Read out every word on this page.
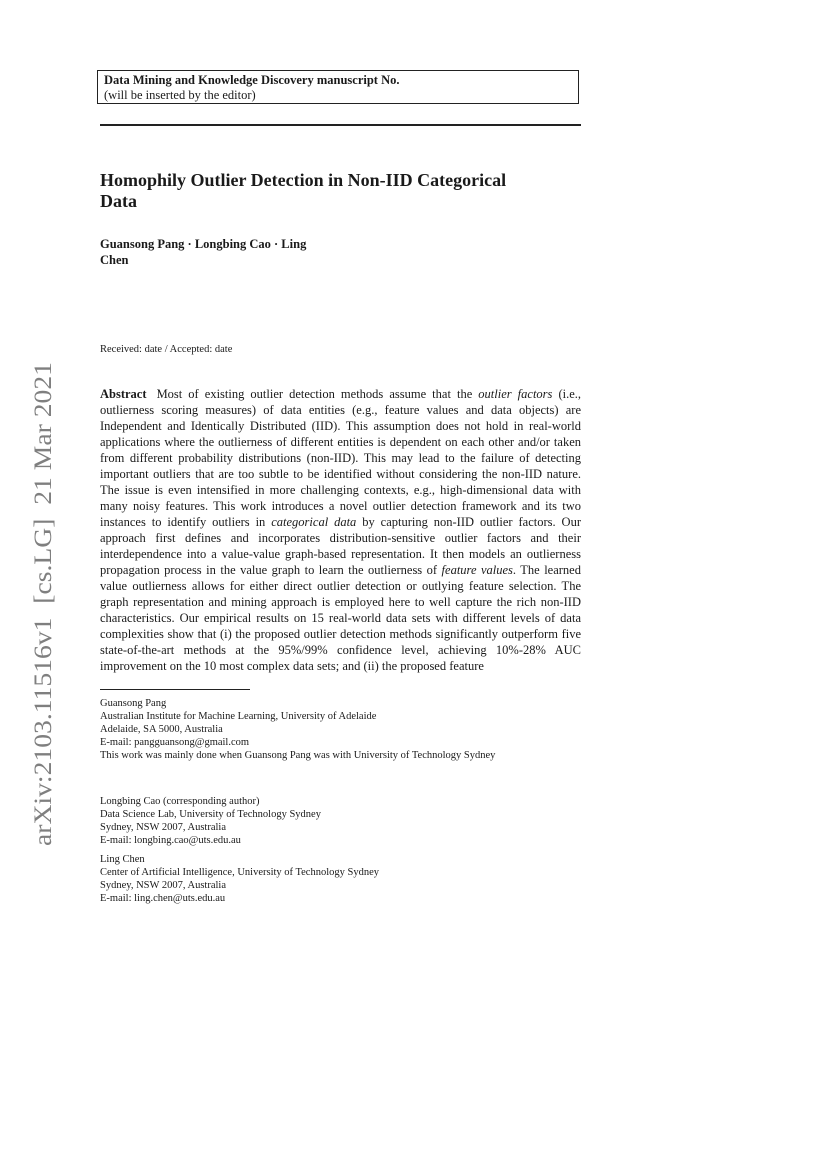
Data Mining and Knowledge Discovery manuscript No.
(will be inserted by the editor)
Homophily Outlier Detection in Non-IID Categorical
Data
Guansong Pang · Longbing Cao · Ling
Chen
Received: date / Accepted: date

Abstract Most of existing outlier detection methods assume that the outlier factors (i.e., outlierness scoring measures) of data entities (e.g., feature values and data objects) are Independent and Identically Distributed (IID). This assumption does not hold in real-world applications where the outlierness of different entities is dependent on each other and/or taken from different probability distributions (non-IID). This may lead to the failure of detecting important outliers that are too subtle to be identified without considering the non-IID nature. The issue is even intensified in more challenging contexts, e.g., high-dimensional data with many noisy features. This work introduces a novel outlier detection framework and its two instances to identify outliers in categorical data by capturing non-IID outlier factors. Our approach first defines and incorporates distribution-sensitive outlier factors and their interdependence into a value-value graph-based representation. It then models an outlierness propagation process in the value graph to learn the outlierness of feature values. The learned value outlierness allows for either direct outlier detection or outlying feature selection. The graph representation and mining approach is employed here to well capture the rich non-IID characteristics. Our empirical results on 15 real-world data sets with different levels of data complexities show that (i) the proposed outlier detection methods significantly outperform five state-of-the-art methods at the 95%/99% confidence level, achieving 10%-28% AUC improvement on the 10 most complex data sets; and (ii) the proposed feature

Guansong Pang
Australian Institute for Machine Learning, University of Adelaide
Adelaide, SA 5000, Australia
E-mail: pangguansong@gmail.com
This work was mainly done when Guansong Pang was with University of Technology Sydney
Longbing Cao (corresponding author)
Data Science Lab, University of Technology Sydney
Sydney, NSW 2007, Australia
E-mail: longbing.cao@uts.edu.au
Ling Chen
Center of Artificial Intelligence, University of Technology Sydney
Sydney, NSW 2007, Australia
E-mail: ling.chen@uts.edu.au
arXiv:2103.11516v1  [cs.LG]  21 Mar 2021
